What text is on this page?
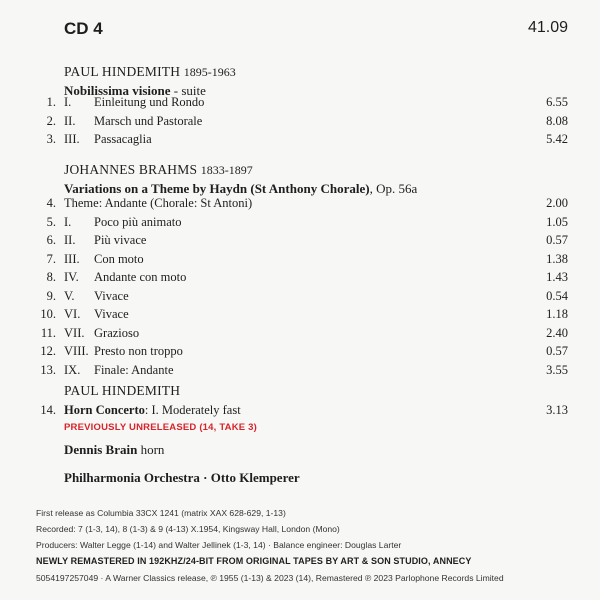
CD 4	41.09
PAUL HINDEMITH 1895-1963
Nobilissima visione - suite
1. I. Einleitung und Rondo	6.55
2. II. Marsch und Pastorale	8.08
3. III. Passacaglia	5.42
JOHANNES BRAHMS 1833-1897
Variations on a Theme by Haydn (St Anthony Chorale), Op. 56a
4. Theme: Andante (Chorale: St Antoni)	2.00
5. I. Poco più animato	1.05
6. II. Più vivace	0.57
7. III. Con moto	1.38
8. IV. Andante con moto	1.43
9. V. Vivace	0.54
10. VI. Vivace	1.18
11. VII. Grazioso	2.40
12. VIII. Presto non troppo	0.57
13. IX. Finale: Andante	3.55
PAUL HINDEMITH
14. Horn Concerto: I. Moderately fast	3.13
PREVIOUSLY UNRELEASED (14, TAKE 3)
Dennis Brain horn
Philharmonia Orchestra · Otto Klemperer
First release as Columbia 33CX 1241 (matrix XAX 628-629, 1-13)
Recorded: 7 (1-3, 14), 8 (1-3) & 9 (4-13) X.1954, Kingsway Hall, London (Mono)
Producers: Walter Legge (1-14) and Walter Jellinek (1-3, 14) · Balance engineer: Douglas Larter
NEWLY REMASTERED IN 192KHZ/24-BIT FROM ORIGINAL TAPES BY ART & SON STUDIO, ANNECY
5054197257049 · A Warner Classics release, ℗ 1955 (1-13) & 2023 (14), Remastered ℗ 2023 Parlophone Records Limited
